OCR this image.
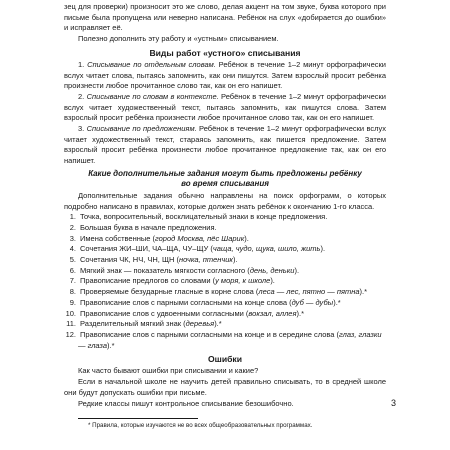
зец для проверки) произносит это же слово, делая акцент на том звуке, буква которого при письме была пропущена или неверно написана. Ребёнок на слух «добирается до ошибки» и исправляет её.

Полезно дополнить эту работу и «устным» списыванием.

Виды работ «устного» списывания

1. Списывание по отдельным словам. Ребёнок в течение 1–2 минут орфографически вслух читает слова, пытаясь запомнить, как они пишутся. Затем взрослый просит ребёнка произнести любое прочитанное слово так, как он его напишет.

2. Списывание по словам в контексте. Ребёнок в течение 1–2 минут орфографически вслух читает художественный текст, пытаясь запомнить, как пишутся слова. Затем взрослый просит ребёнка произнести любое прочитанное слово так, как он его напишет.

3. Списывание по предложениям. Ребёнок в течение 1–2 минут орфографически вслух читает художественный текст, стараясь запомнить, как пишется предложение. Затем взрослый просит ребёнка произнести любое прочитанное предложение так, как он его напишет.

Какие дополнительные задания могут быть предложены ребёнку
во время списывания

Дополнительные задания обычно направлены на поиск орфограмм, о которых подробно написано в правилах, которые должен знать ребёнок к окончанию 1-го класса.

1. Точка, вопросительный, восклицательный знаки в конце предложения.
2. Большая буква в начале предложения.
3. Имена собственные (город Москва, пёс Шарик).
4. Сочетания ЖИ–ШИ, ЧА–ЩА, ЧУ–ЩУ (чаща, чудо, щука, шило, жить).
5. Сочетания ЧК, НЧ, ЧН, ЩН (ночка, птенчик).
6. Мягкий знак — показатель мягкости согласного (день, деньки).
7. Правописание предлогов со словами (у моря, к школе).
8. Проверяемые безударные гласные в корне слова (леса — лес, пятно — пятна).*
9. Правописание слов с парными согласными на конце слова (дуб — дубы).*
10. Правописание слов с удвоенными согласными (вокзал, аллея).*
11. Разделительный мягкий знак (деревья).*
12. Правописание слов с парными согласными на конце и в середине слова (глаз, глазки — глаза).*
Ошибки

Как часто бывают ошибки при списывании и какие?

Если в начальной школе не научить детей правильно списывать, то в средней школе они будут допускать ошибки при письме.

Редкие классы пишут контрольное списывание безошибочно.

* Правила, которые изучаются не во всех общеобразовательных программах.

3
